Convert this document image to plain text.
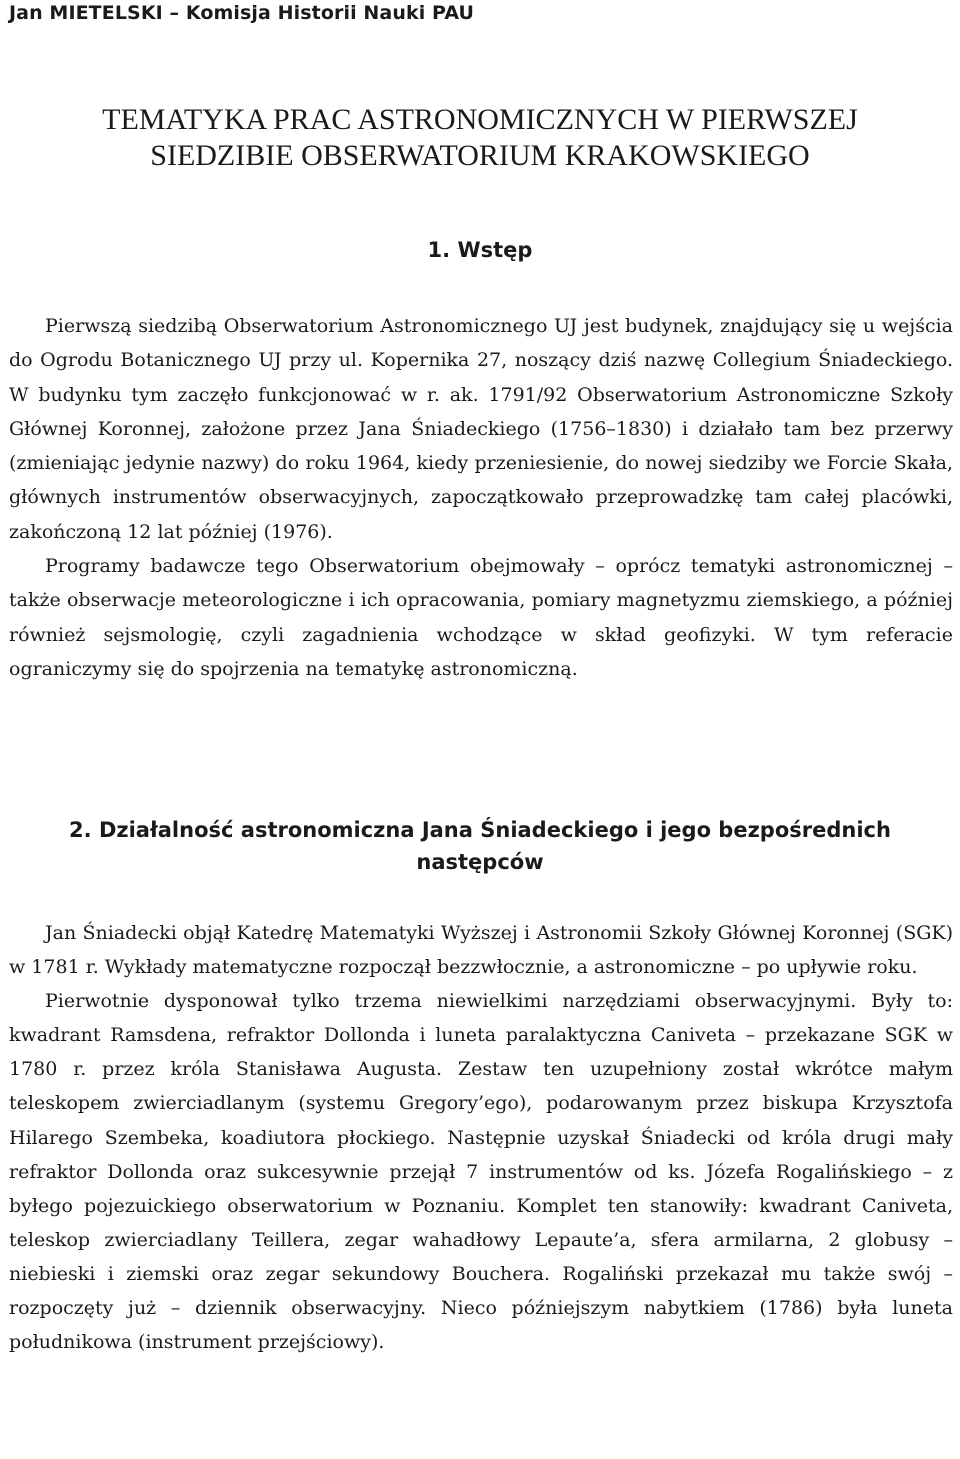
Jan MIETELSKI – Komisja Historii Nauki PAU
TEMATYKA PRAC ASTRONOMICZNYCH W PIERWSZEJ
SIEDZIBIE OBSERWATORIUM KRAKOWSKIEGO
1. Wstęp

Pierwszą siedzibą Obserwatorium Astronomicznego UJ jest budynek, znajdujący się u wejścia do Ogrodu Botanicznego UJ przy ul. Kopernika 27, noszący dziś nazwę Collegium Śniadeckiego. W budynku tym zaczęło funkcjonować w r. ak. 1791/92 Obserwatorium Astronomiczne Szkoły Głównej Koronnej, założone przez Jana Śniadeckiego (1756–1830) i działało tam bez przerwy (zmieniając jedynie nazwy) do roku 1964, kiedy przeniesienie, do nowej siedziby we Forcie Skała, głównych instrumentów obserwacyjnych, zapoczątkowało przeprowadzkę tam całej placówki, zakończoną 12 lat później (1976).

Programy badawcze tego Obserwatorium obejmowały – oprócz tematyki astronomicznej – także obserwacje meteorologiczne i ich opracowania, pomiary magnetyzmu ziemskiego, a później również sejsmologię, czyli zagadnienia wchodzące w skład geofizyki. W tym referacie ograniczymy się do spojrzenia na tematykę astronomiczną.

2. Działalność astronomiczna Jana Śniadeckiego i jego bezpośrednich
następców

Jan Śniadecki objął Katedrę Matematyki Wyższej i Astronomii Szkoły Głównej Koronnej (SGK) w 1781 r. Wykłady matematyczne rozpoczął bezzwłocznie, a astronomiczne – po upływie roku.

Pierwotnie dysponował tylko trzema niewielkimi narzędziami obserwacyjnymi. Były to: kwadrant Ramsdena, refraktor Dollonda i luneta paralaktyczna Caniveta – przekazane SGK w 1780 r. przez króla Stanisława Augusta. Zestaw ten uzupełniony został wkrótce małym teleskopem zwierciadlanym (systemu Gregory’ego), podarowanym przez biskupa Krzysztofa Hilarego Szembeka, koadiutora płockiego. Następnie uzyskał Śniadecki od króla drugi mały refraktor Dollonda oraz sukcesywnie przejął 7 instrumentów od ks. Józefa Rogalińskiego – z byłego pojezuickiego obserwatorium w Poznaniu. Komplet ten stanowiły: kwadrant Caniveta, teleskop zwierciadlany Teillera, zegar wahadłowy Lepaute’a, sfera armilarna, 2 globusy – niebieski i ziemski oraz zegar sekundowy Bouchera. Rogaliński przekazał mu także swój – rozpoczęty już – dziennik obserwacyjny. Nieco późniejszym nabytkiem (1786) była luneta południkowa (instrument przejściowy).
